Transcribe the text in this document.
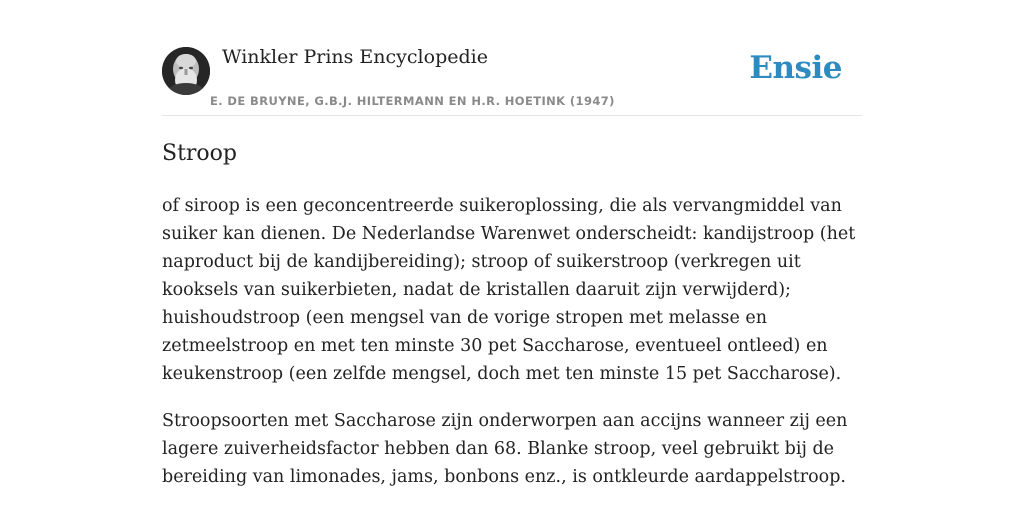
Winkler Prins Encyclopedie
E. DE BRUYNE, G.B.J. HILTERMANN EN H.R. HOETINK (1947)
Ensie
Stroop

of siroop is een geconcentreerde suikeroplossing, die als vervangmiddel van suiker kan dienen. De Nederlandse Warenwet onderscheidt: kandijstroop (het naproduct bij de kandijbereiding); stroop of suikerstroop (verkregen uit kooksels van suikerbieten, nadat de kristallen daaruit zijn verwijderd); huishoudstroop (een mengsel van de vorige stropen met melasse en zetmeelstroop en met ten minste 30 pet Saccharose, eventueel ontleed) en keukenstroop (een zelfde mengsel, doch met ten minste 15 pet Saccharose).

Stroopsoorten met Saccharose zijn onderworpen aan accijns wanneer zij een lagere zuiverheidsfactor hebben dan 68. Blanke stroop, veel gebruikt bij de bereiding van limonades, jams, bonbons enz., is ontkleurde aardappelstroop.
